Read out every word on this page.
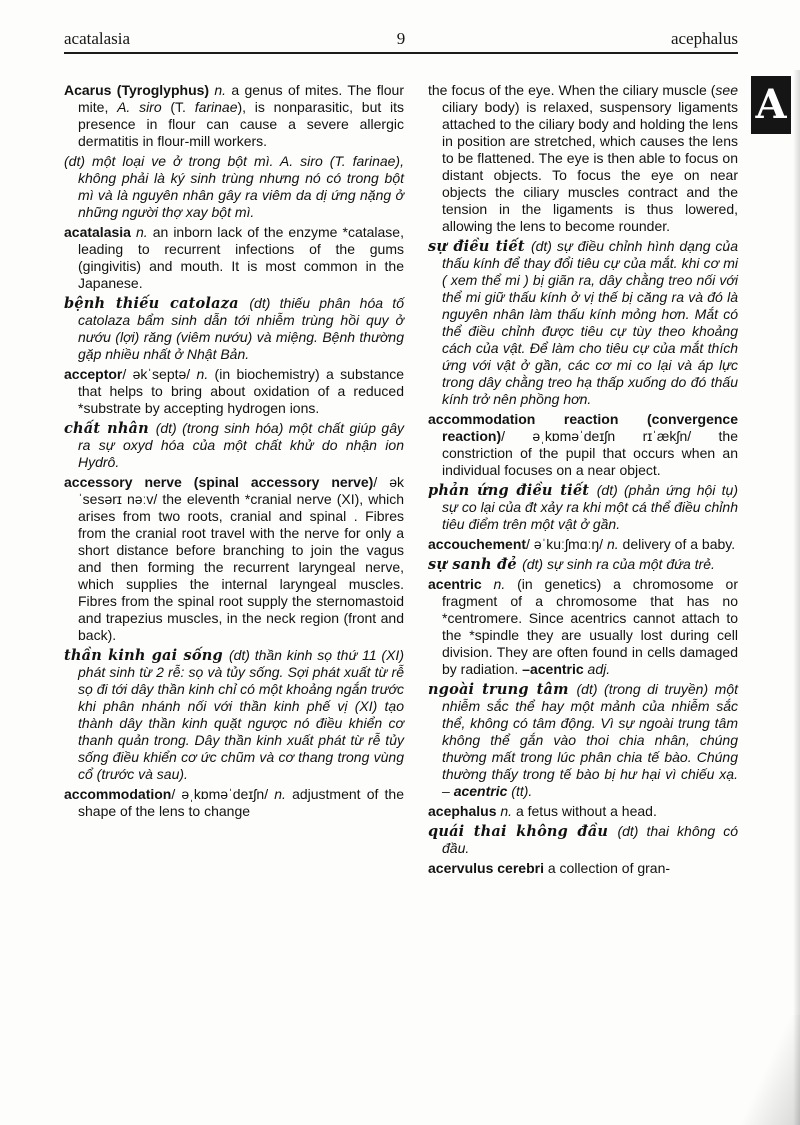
acatalasia	9	acephalus

Acarus (Tyroglyphus) n. a genus of mites. The flour mite, A. siro (T. farinae), is nonparasitic, but its presence in flour can cause a severe allergic dermatitis in flour-mill workers.

(dt) một loại ve ở trong bột mì. A. siro (T. farinae), không phải là ký sinh trùng nhưng nó có trong bột mì và là nguyên nhân gây ra viêm da dị ứng nặng ở những người thợ xay bột mì.

acatalasia n. an inborn lack of the enzyme *catalase, leading to recurrent infections of the gums (gingivitis) and mouth. It is most common in the Japanese.

bệnh thiếu catolaza (dt) thiếu phân hóa tố catolaza bẩm sinh dẫn tới nhiễm trùng hồi quy ở nướu (lợi) răng (viêm nướu) và miệng. Bệnh thường gặp nhiều nhất ở Nhật Bản.

acceptor/ əkˈseptə/ n. (in biochemistry) a substance that helps to bring about oxidation of a reduced *substrate by accepting hydrogen ions.

chất nhân (dt) (trong sinh hóa) một chất giúp gây ra sự oxyd hóa của một chất khử do nhận ion Hydrô.

accessory nerve (spinal accessory nerve)/ əkˈsesərɪ nəːv/ the eleventh *cranial nerve (XI), which arises from two roots, cranial and spinal . Fibres from the cranial root travel with the nerve for only a short distance before branching to join the vagus and then forming the recurrent laryngeal nerve, which supplies the internal laryngeal muscles. Fibres from the spinal root supply the sternomastoid and trapezius muscles, in the neck region (front and back).

thần kinh gai sống (dt) thần kinh sọ thứ 11 (XI) phát sinh từ 2 rễ: sọ và tủy sống. Sợi phát xuất từ rễ sọ đi tới dây thần kinh chỉ có một khoảng ngắn trước khi phân nhánh nối với thần kinh phế vị (XI) tạo thành dây thần kinh quặt ngược nó điều khiển cơ thanh quản trong. Dây thần kinh xuất phát từ rễ tủy sống điều khiển cơ ức chũm và cơ thang trong vùng cổ (trước và sau).

accommodation/ əˌkɒməˈdeɪʃn/ n. adjustment of the shape of the lens to change

the focus of the eye. When the ciliary muscle (see ciliary body) is relaxed, suspensory ligaments attached to the ciliary body and holding the lens in position are stretched, which causes the lens to be flattened. The eye is then able to focus on distant objects. To focus the eye on near objects the ciliary muscles contract and the tension in the ligaments is thus lowered, allowing the lens to become rounder.

sự điều tiết (dt) sự điều chỉnh hình dạng của thấu kính để thay đổi tiêu cự của mắt. khi cơ mi ( xem thể mi ) bị giãn ra, dây chằng treo nối với thể mi giữ thấu kính ở vị thế bị căng ra và đó là nguyên nhân làm thấu kính mỏng hơn. Mắt có thể điều chỉnh được tiêu cự tùy theo khoảng cách của vật. Để làm cho tiêu cự của mắt thích ứng với vật ở gần, các cơ mi co lại và áp lực trong dây chằng treo hạ thấp xuống do đó thấu kính trở nên phồng hơn.

accommodation reaction (convergence reaction)/ əˌkɒməˈdeɪʃn rɪˈækʃn/ the constriction of the pupil that occurs when an individual focuses on a near object.

phản ứng điều tiết (dt) (phản ứng hội tụ) sự co lại của đt xảy ra khi một cá thể điều chỉnh tiêu điểm trên một vật ở gần.

accouchement/ əˈkuːʃmɑːŋ/ n. delivery of a baby.

sự sanh đẻ (dt) sự sinh ra của một đứa trẻ.

acentric n. (in genetics) a chromosome or fragment of a chromosome that has no *centromere. Since acentrics cannot attach to the *spindle they are usually lost during cell division. They are often found in cells damaged by radiation. –acentric adj.

ngoài trung tâm (dt) (trong di truyền) một nhiễm sắc thể hay một mảnh của nhiễm sắc thể, không có tâm động. Vì sự ngoài trung tâm không thể gắn vào thoi chia nhân, chúng thường mất trong lúc phân chia tế bào. Chúng thường thấy trong tế bào bị hư hại vì chiếu xạ. – acentric (tt).

acephalus n. a fetus without a head.

quái thai không đầu (dt) thai không có đầu.

acervulus cerebri a collection of gran-

A
